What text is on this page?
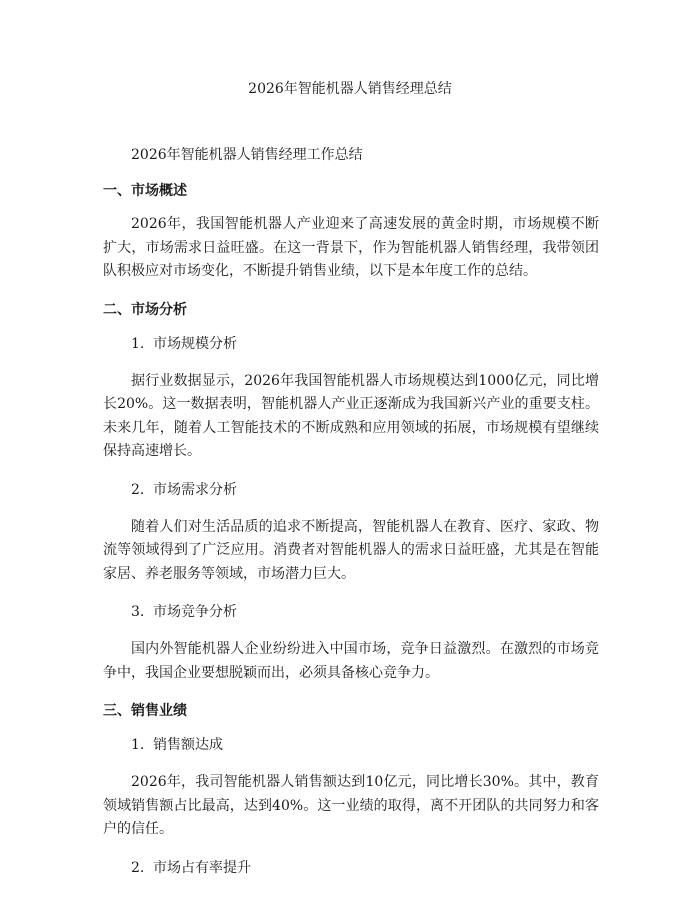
2026年智能机器人销售经理总结

2026年智能机器人销售经理工作总结

一、市场概述

2026年，我国智能机器人产业迎来了高速发展的黄金时期，市场规模不断扩大，市场需求日益旺盛。在这一背景下，作为智能机器人销售经理，我带领团队积极应对市场变化，不断提升销售业绩，以下是本年度工作的总结。

二、市场分析

1. 市场规模分析

据行业数据显示，2026年我国智能机器人市场规模达到1000亿元，同比增长20%。这一数据表明，智能机器人产业正逐渐成为我国新兴产业的重要支柱。未来几年，随着人工智能技术的不断成熟和应用领域的拓展，市场规模有望继续保持高速增长。

2. 市场需求分析

随着人们对生活品质的追求不断提高，智能机器人在教育、医疗、家政、物流等领域得到了广泛应用。消费者对智能机器人的需求日益旺盛，尤其是在智能家居、养老服务等领域，市场潜力巨大。

3. 市场竞争分析

国内外智能机器人企业纷纷进入中国市场，竞争日益激烈。在激烈的市场竞争中，我国企业要想脱颖而出，必须具备核心竞争力。

三、销售业绩

1. 销售额达成

2026年，我司智能机器人销售额达到10亿元，同比增长30%。其中，教育领域销售额占比最高，达到40%。这一业绩的取得，离不开团队的共同努力和客户的信任。

2. 市场占有率提升
